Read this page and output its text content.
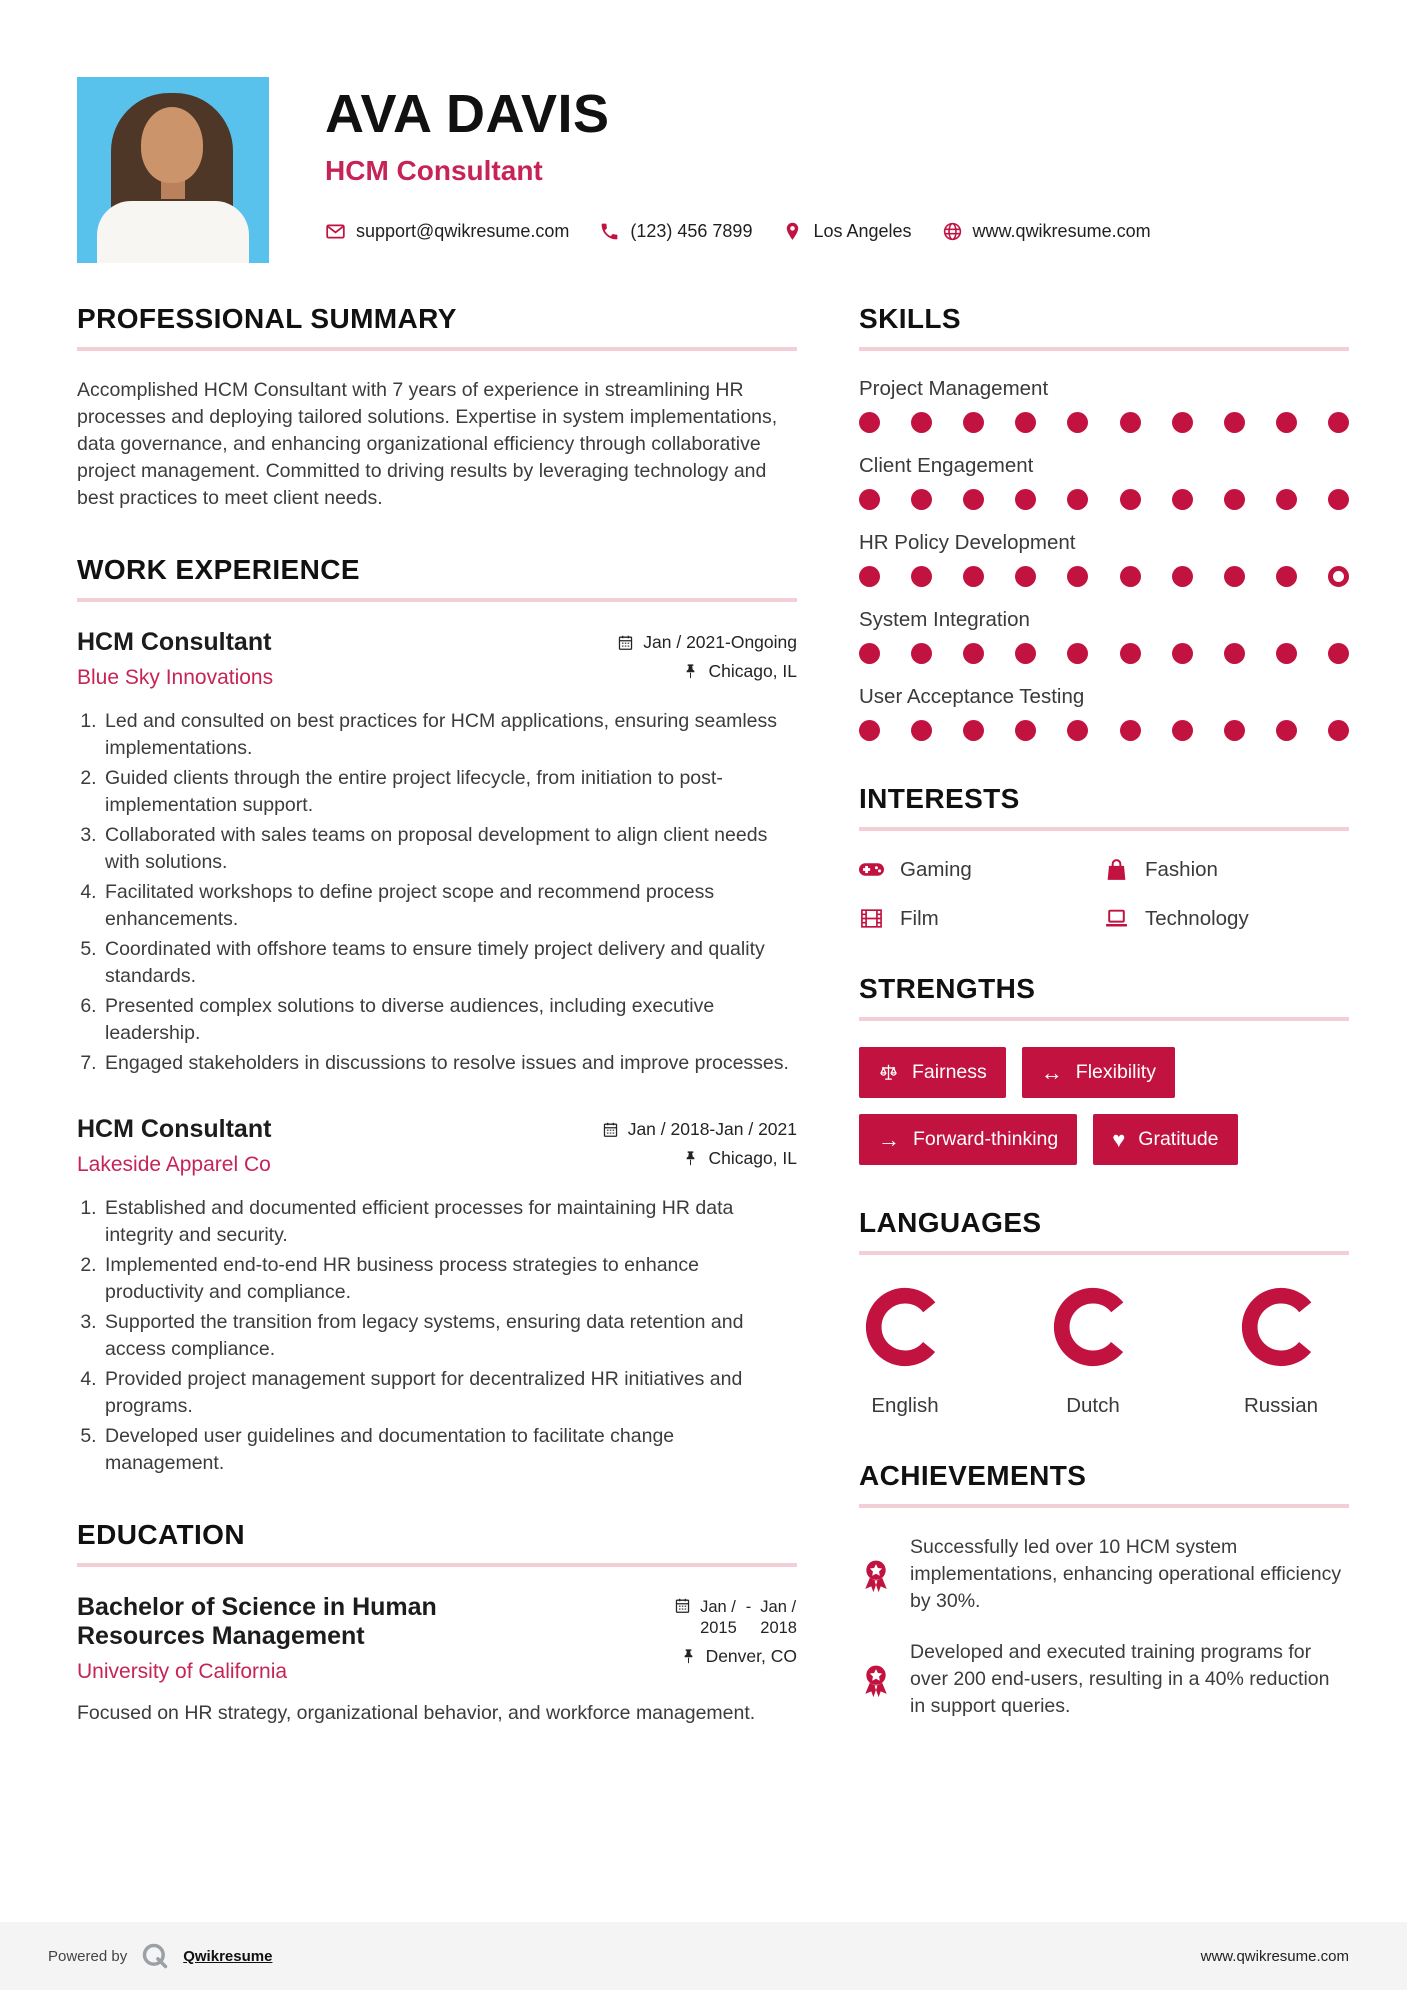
AVA DAVIS
HCM Consultant
support@qwikresume.com	(123) 456 7899	Los Angeles	www.qwikresume.com
PROFESSIONAL SUMMARY

Accomplished HCM Consultant with 7 years of experience in streamlining HR processes and deploying tailored solutions. Expertise in system implementations, data governance, and enhancing organizational efficiency through collaborative project management. Committed to driving results by leveraging technology and best practices to meet client needs.

WORK EXPERIENCE
HCM Consultant
Blue Sky Innovations
Jan / 2021-Ongoing
Chicago, IL
1. Led and consulted on best practices for HCM applications, ensuring seamless implementations.
2. Guided clients through the entire project lifecycle, from initiation to post-implementation support.
3. Collaborated with sales teams on proposal development to align client needs with solutions.
4. Facilitated workshops to define project scope and recommend process enhancements.
5. Coordinated with offshore teams to ensure timely project delivery and quality standards.
6. Presented complex solutions to diverse audiences, including executive leadership.
7. Engaged stakeholders in discussions to resolve issues and improve processes.
HCM Consultant
Lakeside Apparel Co
Jan / 2018-Jan / 2021
Chicago, IL
1. Established and documented efficient processes for maintaining HR data integrity and security.
2. Implemented end-to-end HR business process strategies to enhance productivity and compliance.
3. Supported the transition from legacy systems, ensuring data retention and access compliance.
4. Provided project management support for decentralized HR initiatives and programs.
5. Developed user guidelines and documentation to facilitate change management.
EDUCATION
Bachelor of Science in Human Resources Management
University of California
Jan /
2015
- Jan /
2018
Denver, CO

Focused on HR strategy, organizational behavior, and workforce management.

SKILLS
Project Management
Client Engagement
HR Policy Development
System Integration
User Acceptance Testing
INTERESTS
Gaming	Fashion
Film	Technology
STRENGTHS
Fairness ↔ Flexibility
→ Forward-thinking ♥ Gratitude
LANGUAGES
English	Dutch	Russian
ACHIEVEMENTS

Successfully led over 10 HCM system implementations, enhancing operational efficiency by 30%.

Developed and executed training programs for over 200 end-users, resulting in a 40% reduction in support queries.

Powered by	Qwikresume	www.qwikresume.com
